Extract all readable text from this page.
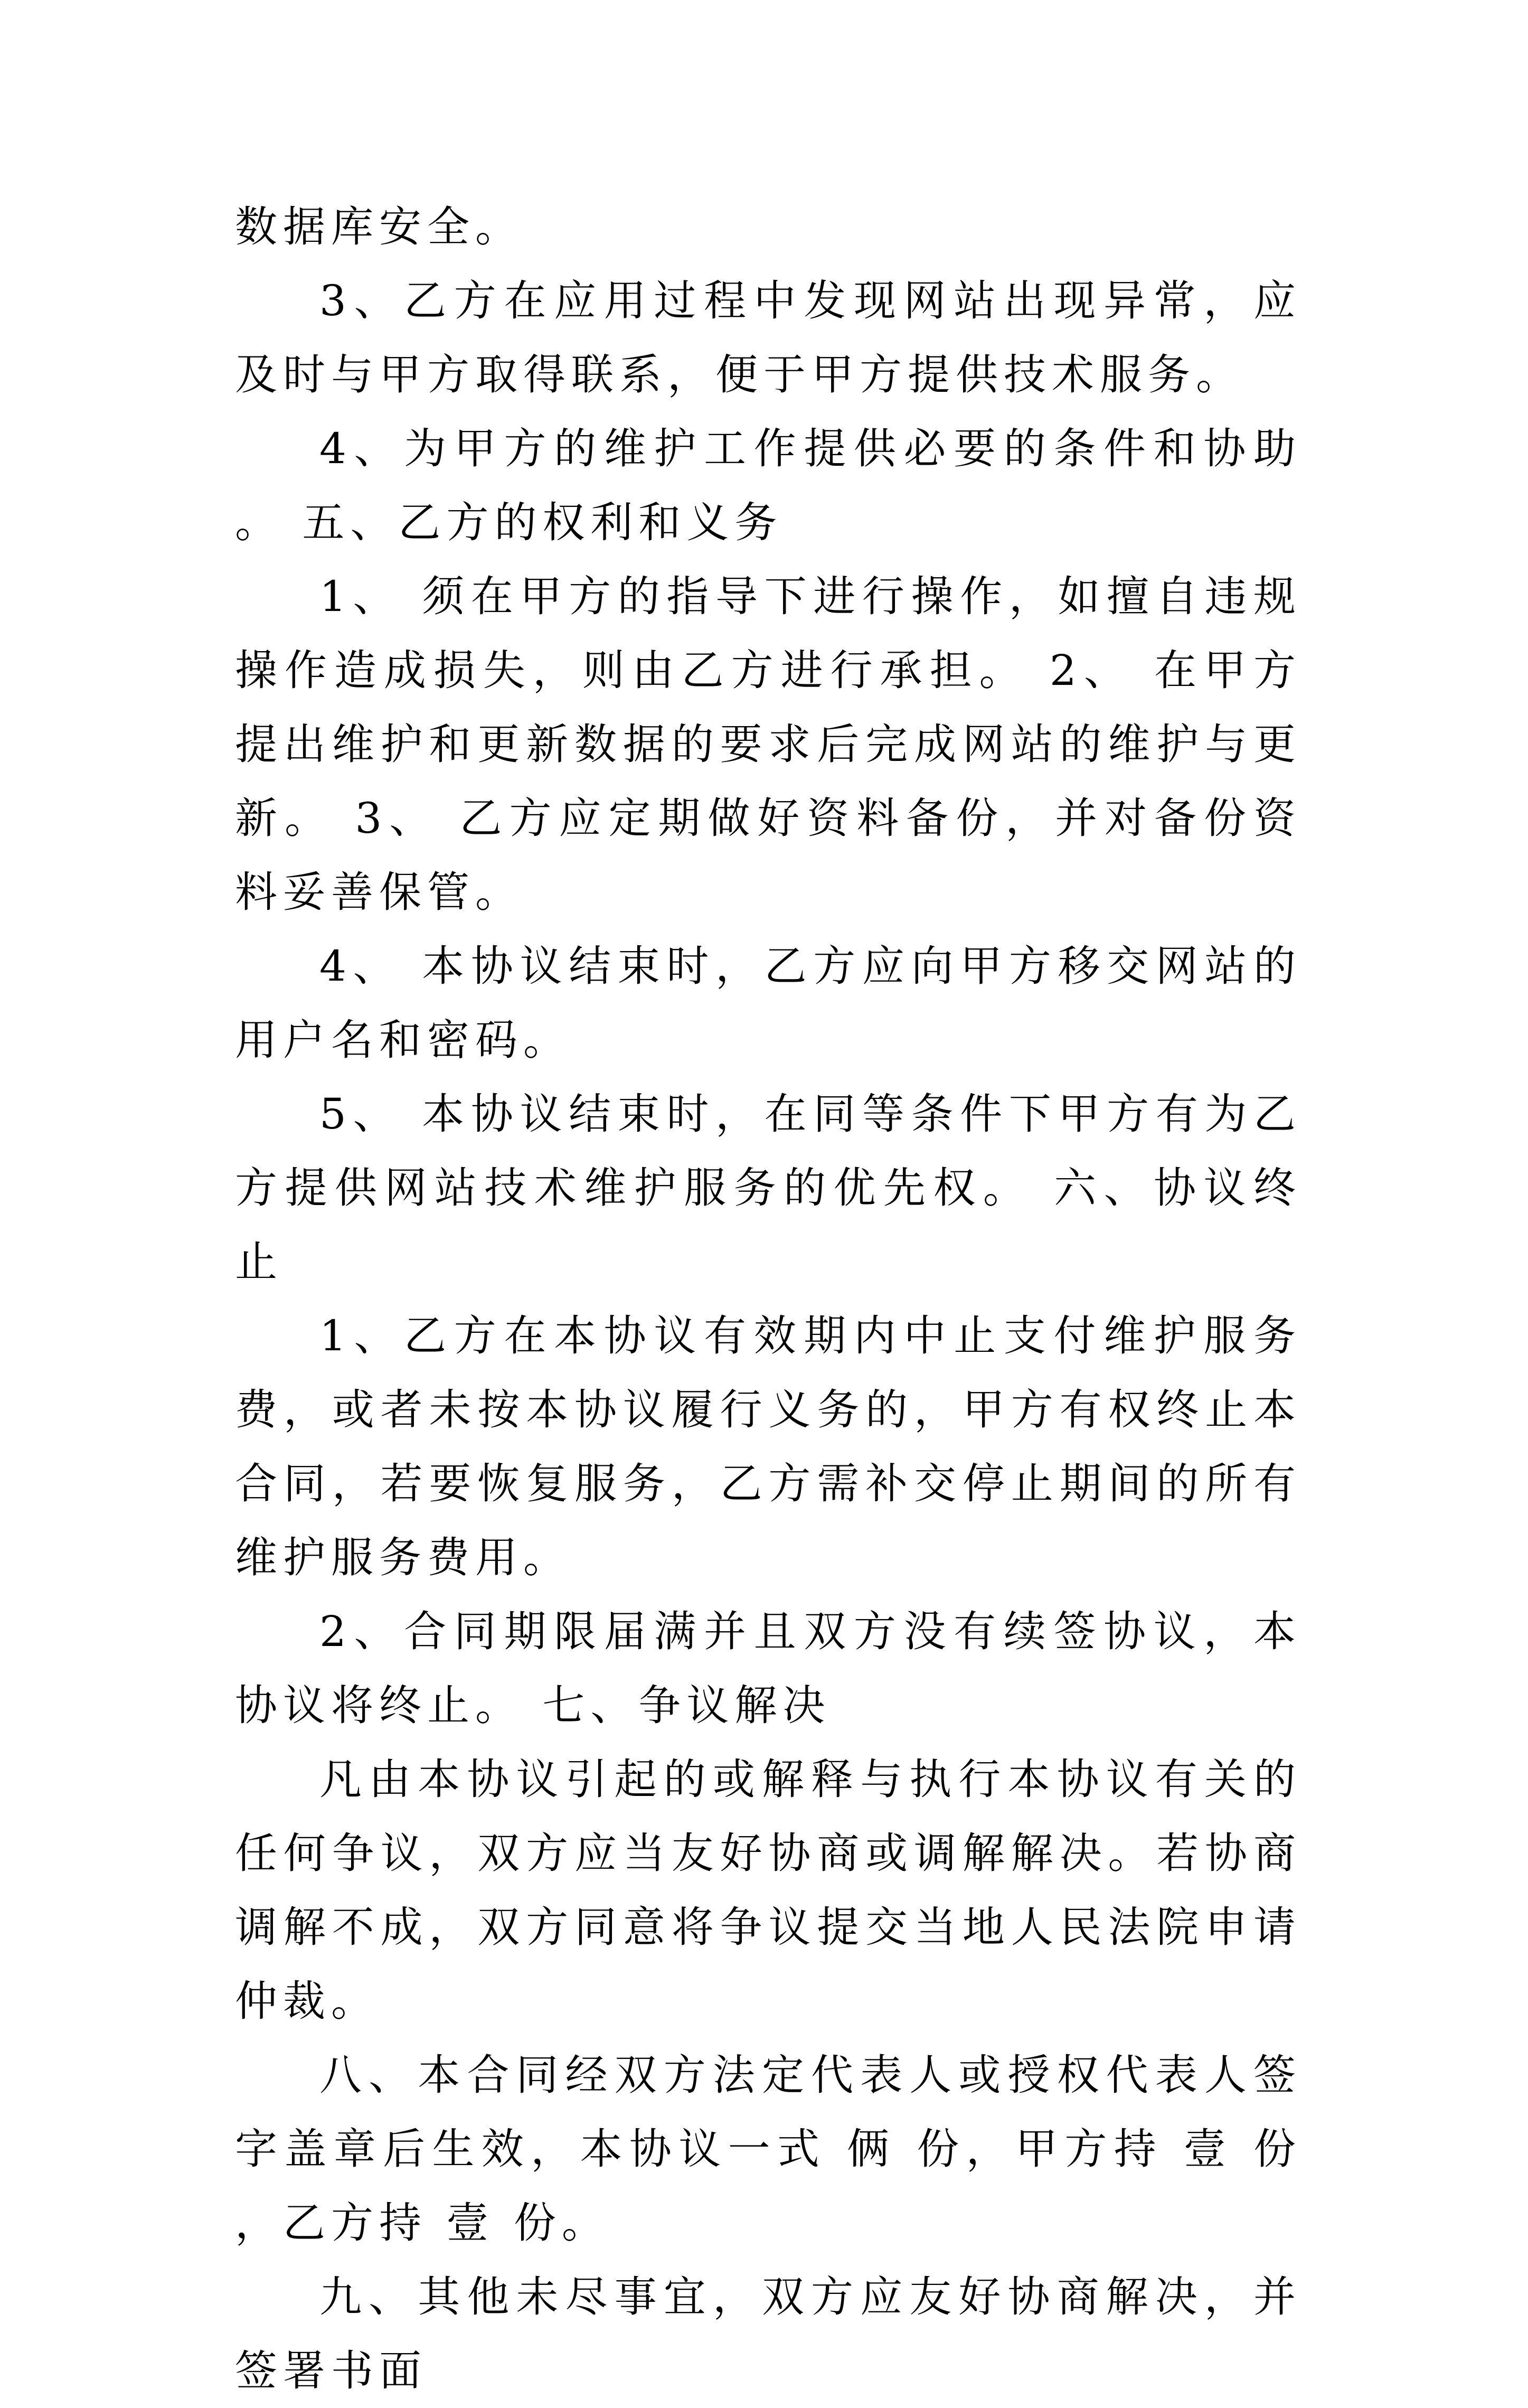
数据库安全。

3、乙方在应用过程中发现网站出现异常，应及时与甲方取得联系，便于甲方提供技术服务。

4、为甲方的维护工作提供必要的条件和协助。 五、乙方的权利和义务

1、 须在甲方的指导下进行操作，如擅自违规操作造成损失，则由乙方进行承担。 2、 在甲方提出维护和更新数据的要求后完成网站的维护与更新。 3、 乙方应定期做好资料备份，并对备份资料妥善保管。

4、 本协议结束时，乙方应向甲方移交网站的用户名和密码。

5、 本协议结束时，在同等条件下甲方有为乙方提供网站技术维护服务的优先权。 六、协议终止

1、乙方在本协议有效期内中止支付维护服务费，或者未按本协议履行义务的，甲方有权终止本合同，若要恢复服务，乙方需补交停止期间的所有维护服务费用。

2、合同期限届满并且双方没有续签协议，本协议将终止。 七、争议解决

凡由本协议引起的或解释与执行本协议有关的任何争议，双方应当友好协商或调解解决。若协商调解不成，双方同意将争议提交当地人民法院申请仲裁。

八、本合同经双方法定代表人或授权代表人签字盖章后生效，本协议一式 俩 份，甲方持 壹 份，乙方持 壹 份。

九、其他未尽事宜，双方应友好协商解决，并签署书面
